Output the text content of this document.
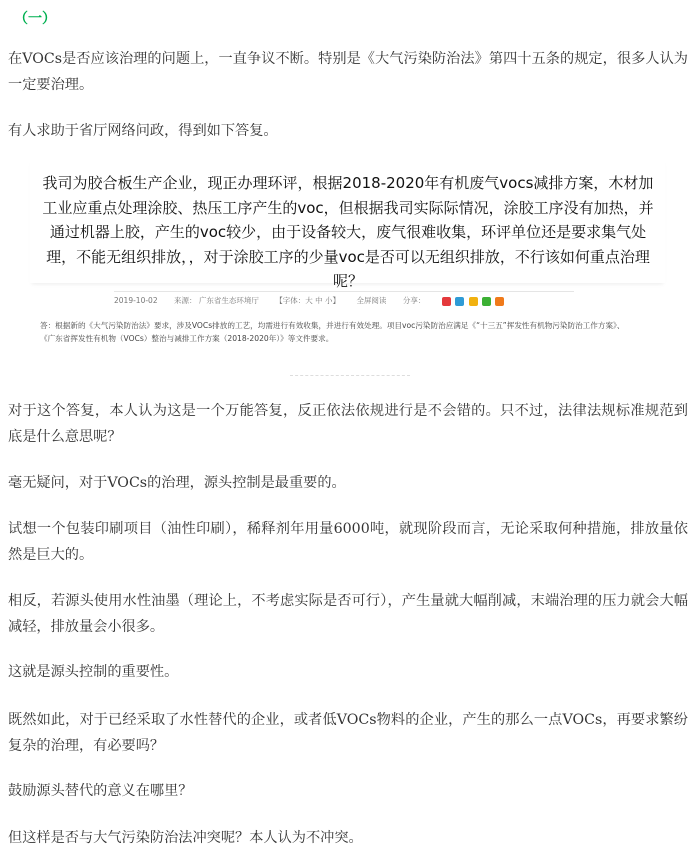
（一）

在VOCs是否应该治理的问题上，一直争议不断。特别是《大气污染防治法》第四十五条的规定，很多人认为一定要治理。

有人求助于省厅网络问政，得到如下答复。

我司为胶合板生产企业，现正办理环评，根据2018-2020年有机废气vocs减排方案，木材加工业应重点处理涂胶、热压工序产生的voc，但根据我司实际际情况，涂胶工序没有加热，并通过机器上胶，产生的voc较少，由于设备较大，废气很难收集，环评单位还是要求集气处理，不能无组织排放，，对于涂胶工序的少量voc是否可以无组织排放，不行该如何重点治理呢？
2019-10-02 来源： 广东省生态环境厅 【字体：大 中 小】 全屏阅读 分享：
答：根据新的《大气污染防治法》要求，涉及VOCs排放的工艺，均需进行有效收集，并进行有效处理。项目voc污染防治应满足《“十三五”挥发性有机物污染防治工作方案》、《广东省挥发性有机物（VOCs）整治与减排工作方案（2018-2020年）》等文件要求。

对于这个答复，本人认为这是一个万能答复，反正依法依规进行是不会错的。只不过，法律法规标准规范到底是什么意思呢？

毫无疑问，对于VOCs的治理，源头控制是最重要的。

试想一个包装印刷项目（油性印刷），稀释剂年用量6000吨，就现阶段而言，无论采取何种措施，排放量依然是巨大的。

相反，若源头使用水性油墨（理论上，不考虑实际是否可行），产生量就大幅削减，末端治理的压力就会大幅减轻，排放量会小很多。

这就是源头控制的重要性。

既然如此，对于已经采取了水性替代的企业，或者低VOCs物料的企业，产生的那么一点VOCs，再要求繁纷复杂的治理，有必要吗？

鼓励源头替代的意义在哪里？

但这样是否与大气污染防治法冲突呢？本人认为不冲突。
